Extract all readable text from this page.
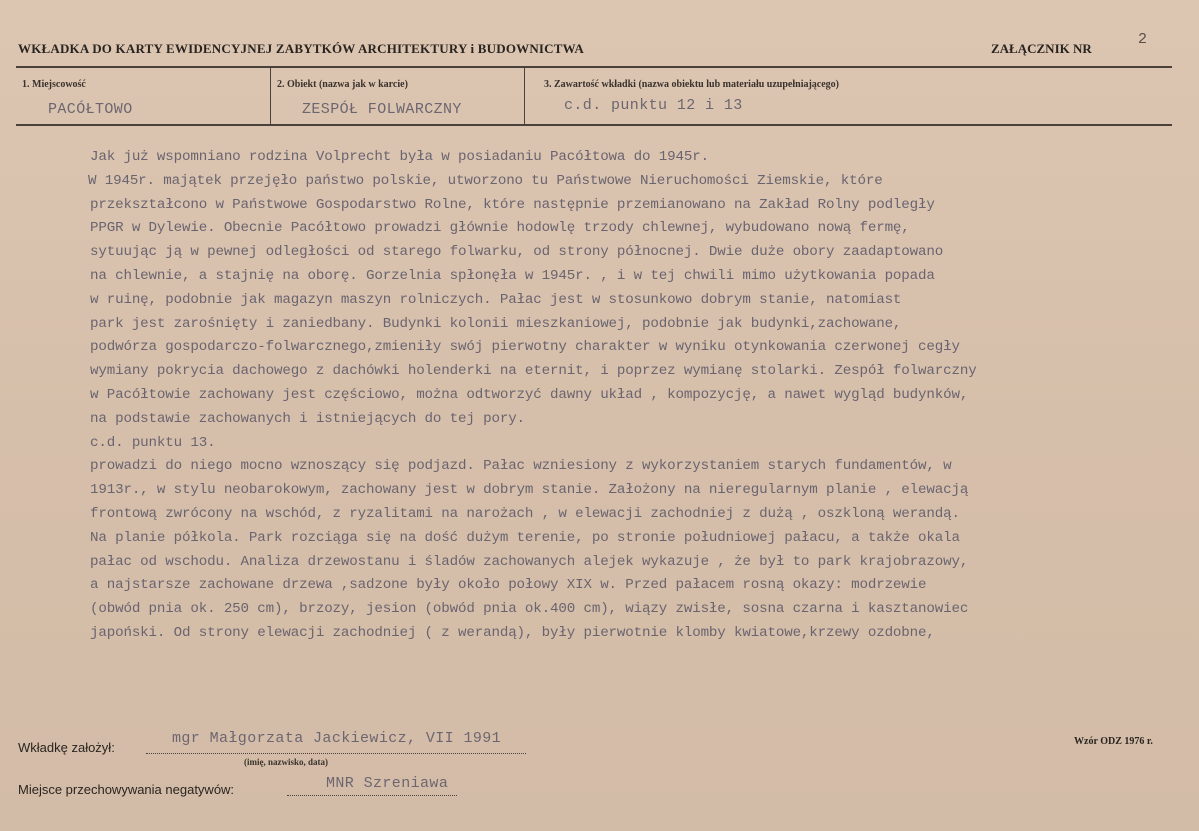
WKŁADKA DO KARTY EWIDENCYJNEJ ZABYTKÓW ARCHITEKTURY i BUDOWNICTWA	ZAŁĄCZNIK NR
2
1. Miejscowość
PACÓŁTOWO
2. Obiekt (nazwa jak w karcie)
ZESPÓŁ FOLWARCZNY
3. Zawartość wkładki (nazwa obiektu lub materiału uzupełniającego)
c.d. punktu 12 i 13
Jak już wspomniano rodzina Volprecht była w posiadaniu Pacółtowa do 1945r.
W 1945r. majątek przejęło państwo polskie, utworzono tu Państwowe Nieruchomości Ziemskie, które
przekształcono w Państwowe Gospodarstwo Rolne, które następnie przemianowano na Zakład Rolny podległy
PPGR w Dylewie. Obecnie Pacółtowo prowadzi głównie hodowlę trzody chlewnej, wybudowano nową fermę,
sytuując ją w pewnej odległości od starego folwarku, od strony północnej. Dwie duże obory zaadaptowano
na chlewnie, a stajnię na oborę. Gorzelnia spłonęła w 1945r. , i w tej chwili mimo użytkowania popada
w ruinę, podobnie jak magazyn maszyn rolniczych. Pałac jest w stosunkowo dobrym stanie, natomiast
park jest zarośnięty i zaniedbany. Budynki kolonii mieszkaniowej, podobnie jak budynki,zachowane,
podwórza gospodarczo-folwarcznego,zmieniły swój pierwotny charakter w wyniku otynkowania czerwonej cegły
wymiany pokrycia dachowego z dachówki holenderki na eternit, i poprzez wymianę stolarki. Zespół folwarczny
w Pacółtowie zachowany jest częściowo, można odtworzyć dawny układ , kompozycję, a nawet wygląd budynków,
na podstawie zachowanych i istniejących do tej pory.
c.d. punktu 13.
prowadzi do niego mocno wznoszący się podjazd. Pałac wzniesiony z wykorzystaniem starych fundamentów, w
1913r., w stylu neobarokowym, zachowany jest w dobrym stanie. Założony na nieregularnym planie , elewacją
frontową zwrócony na wschód, z ryzalitami na narożach , w elewacji zachodniej z dużą , oszkloną werandą.
Na planie półkola. Park rozciąga się na dość dużym terenie, po stronie południowej pałacu, a także okala
pałac od wschodu. Analiza drzewostanu i śladów zachowanych alejek wykazuje , że był to park krajobrazowy,
a najstarsze zachowane drzewa ,sadzone były około połowy XIX w. Przed pałacem rosną okazy: modrzewie
(obwód pnia ok. 250 cm), brzozy, jesion (obwód pnia ok.400 cm), wiązy zwisłe, sosna czarna i kasztanowiec
japoński. Od strony elewacji zachodniej ( z werandą), były pierwotnie klomby kwiatowe,krzewy ozdobne,
Wkładkę założył:
mgr Małgorzata Jackiewicz, VII 1991
(imię, nazwisko, data)
Miejsce przechowywania negatywów:	MNR Szreniawa
Wzór ODZ 1976 r.
